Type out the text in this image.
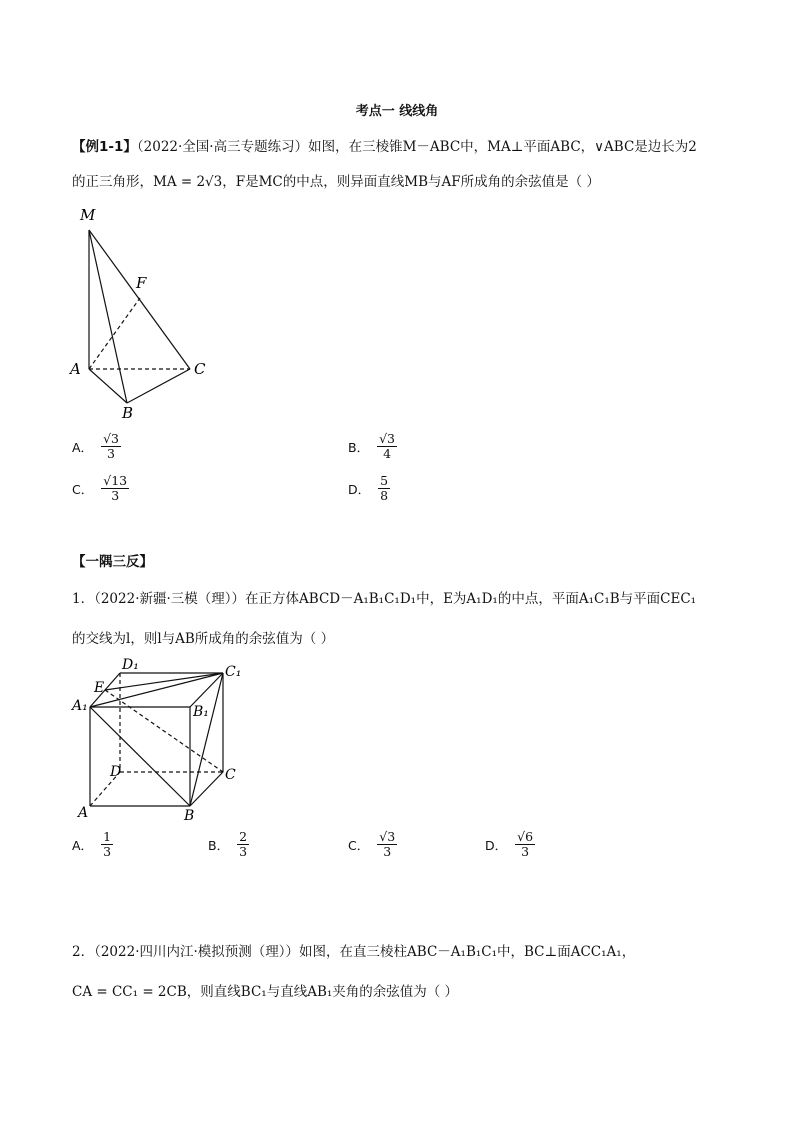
考点一 线线角
【例1-1】（2022·全国·高三专题练习）如图，在三棱锥M－ABC中，MA⊥平面ABC，∨ABC是边长为2
的正三角形，MA = 2√3，F是MC的中点，则异面直线MB与AF所成角的余弦值是（ ）
M
F
A	C
B
A． $\frac{√3}{3}$	B． $\frac{√3}{4}$
C． $\frac{√13}{3}$	D． $\frac{5}{8}$
【一隅三反】
1．（2022·新疆·三模（理））在正方体ABCD－A₁B₁C₁D₁中，E为A₁D₁的中点，平面A₁C₁B与平面CEC₁
的交线为l，则l与AB所成角的余弦值为（ ）
D₁	C₁
E
A₁	B₁
D	C
A	B
A． $\frac{1}{3}$	B． $\frac{2}{3}$	C． $\frac{√3}{3}$	D． $\frac{√6}{3}$
2．（2022·四川内江·模拟预测（理））如图，在直三棱柱ABC－A₁B₁C₁中，BC⊥面ACC₁A₁，
CA = CC₁ = 2CB，则直线BC₁与直线AB₁夹角的余弦值为（ ）
